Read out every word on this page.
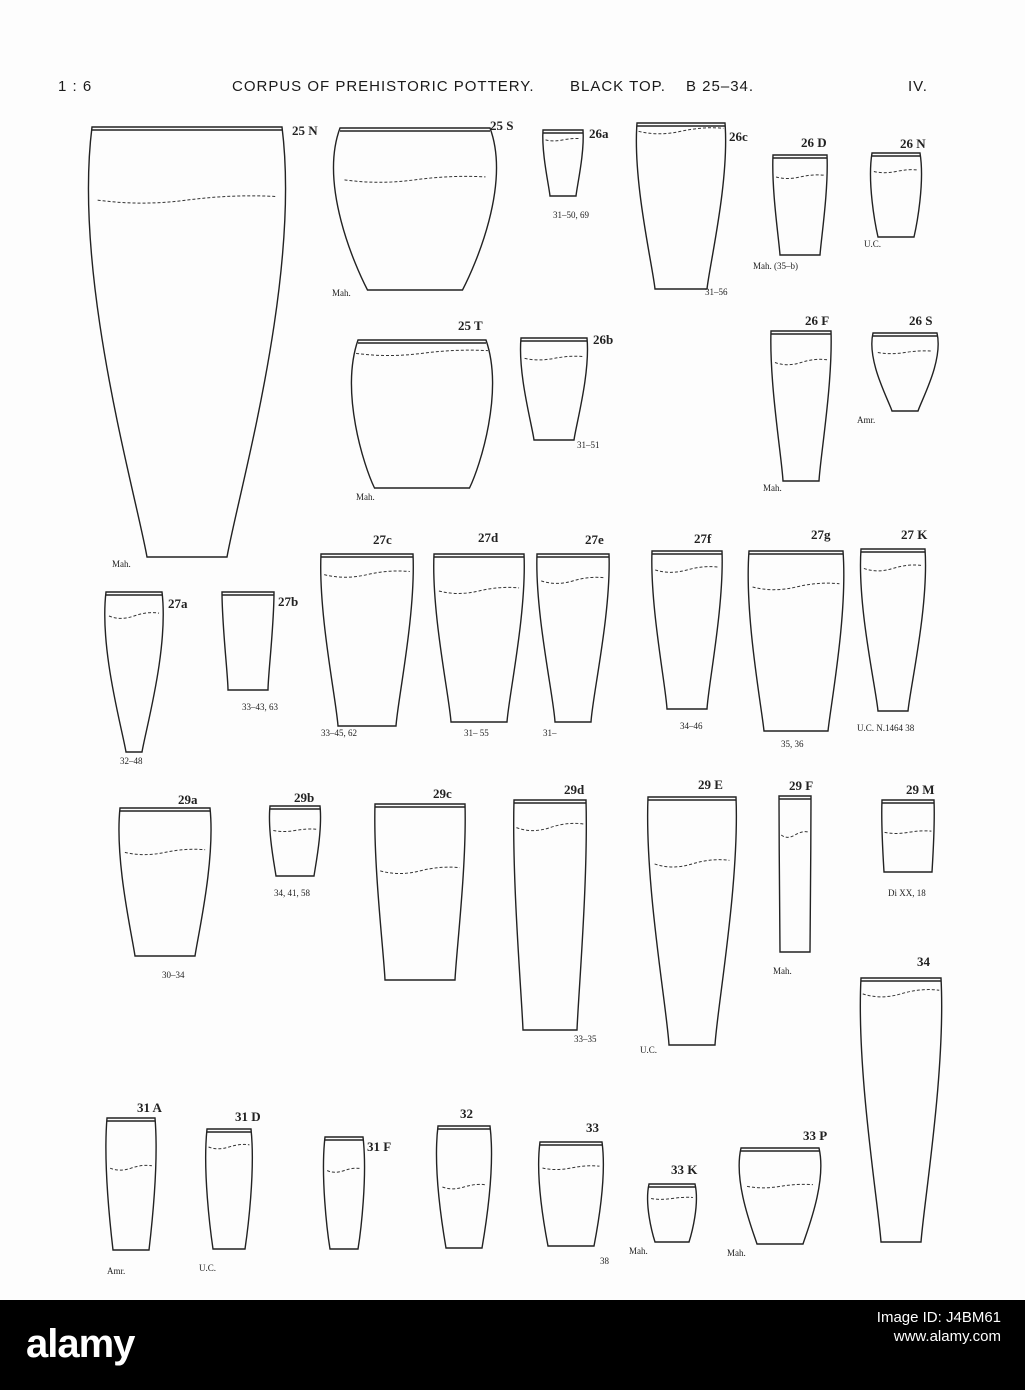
1 : 6	CORPUS OF PREHISTORIC POTTERY. BLACK TOP. B 25–34.	IV.
25 N
Mah.
25 S
Mah.
26a
31–50, 69
26c
31–56
26 D
Mah. (35–b)
26 N
U.C.
25 T
Mah.
26b
31–51
26 F
Mah.
26 S
Amr.
27a
32–48
27b
33–43, 63
27c
33–45, 62
27d
31– 55
27e
31–
27f
34–46
27g
35, 36
27 K
U.C. N.1464 38
29a
30–34
29b
34, 41, 58
29c	29d
33–35
29 E
U.C.
29 F
Mah.
29 M
Di XX, 18
34
31 A
Amr.
31 D
U.C.
31 F
32
33
38
33 K
Mah.
33 P
Mah.
alamy
Image ID: J4BM61
www.alamy.com
